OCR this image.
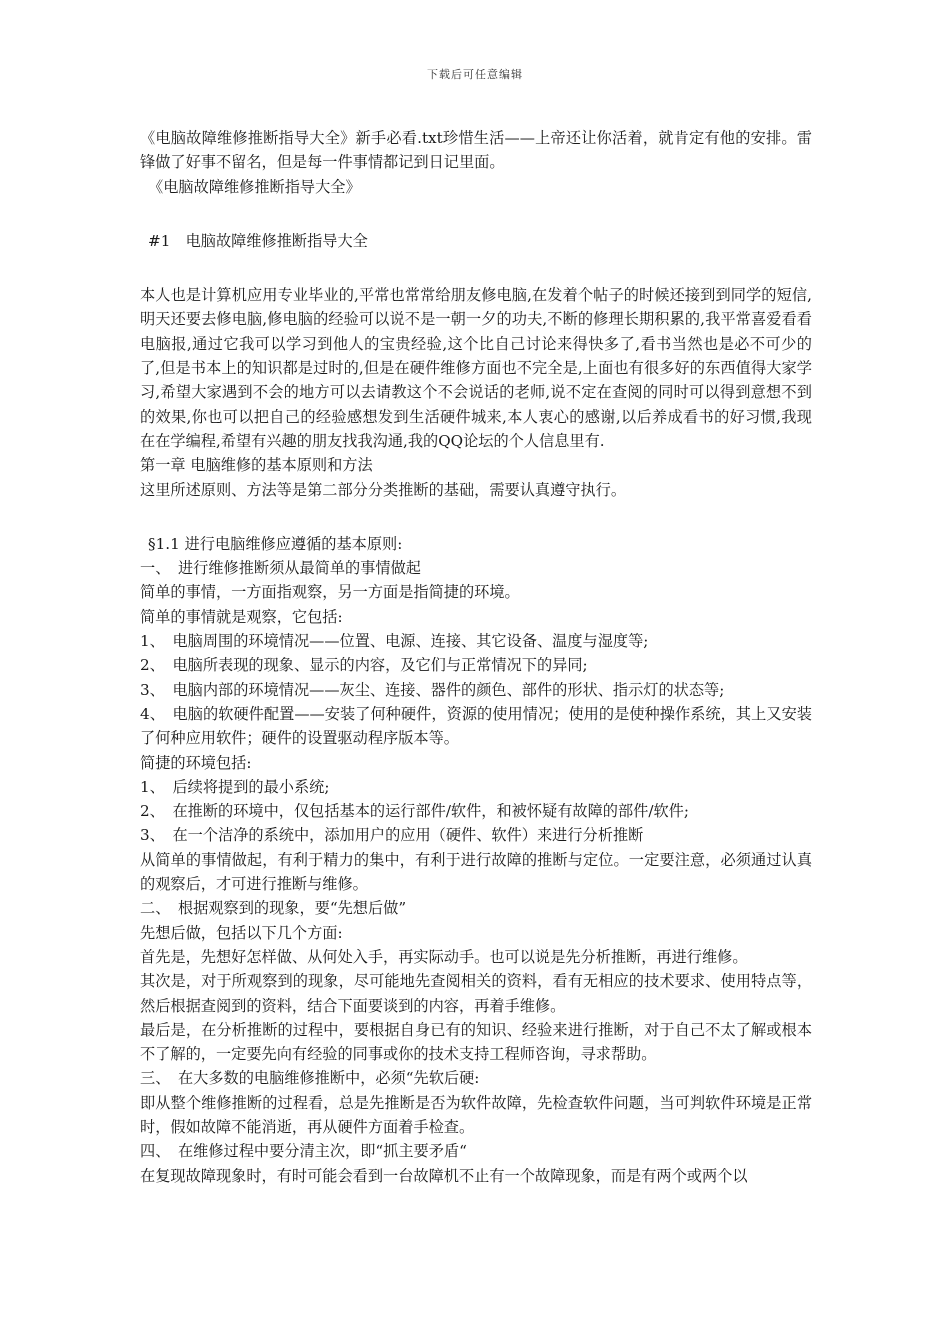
下载后可任意编辑

《电脑故障维修推断指导大全》新手必看.txt珍惜生活——上帝还让你活着，就肯定有他的安排。雷锋做了好事不留名，但是每一件事情都记到日记里面。

《电脑故障维修推断指导大全》

#1　电脑故障维修推断指导大全

本人也是计算机应用专业毕业的,平常也常常给朋友修电脑,在发着个帖子的时候还接到到同学的短信,明天还要去修电脑,修电脑的经验可以说不是一朝一夕的功夫,不断的修理长期积累的,我平常喜爱看看电脑报,通过它我可以学习到他人的宝贵经验,这个比自己讨论来得快多了,看书当然也是必不可少的了,但是书本上的知识都是过时的,但是在硬件维修方面也不完全是,上面也有很多好的东西值得大家学习,希望大家遇到不会的地方可以去请教这个不会说话的老师,说不定在查阅的同时可以得到意想不到的效果,你也可以把自己的经验感想发到生活硬件城来,本人衷心的感谢,以后养成看书的好习惯,我现在在学编程,希望有兴趣的朋友找我沟通,我的QQ论坛的个人信息里有.

第一章 电脑维修的基本原则和方法

这里所述原则、方法等是第二部分分类推断的基础，需要认真遵守执行。

§1.1 进行电脑维修应遵循的基本原则:

一、　进行维修推断须从最简单的事情做起

简单的事情，一方面指观察，另一方面是指简捷的环境。

简单的事情就是观察，它包括:

1、　电脑周围的环境情况——位置、电源、连接、其它设备、温度与湿度等;

2、　电脑所表现的现象、显示的内容，及它们与正常情况下的异同;

3、　电脑内部的环境情况——灰尘、连接、器件的颜色、部件的形状、指示灯的状态等;

4、　电脑的软硬件配置——安装了何种硬件，资源的使用情况；使用的是使种操作系统，其上又安装了何种应用软件；硬件的设置驱动程序版本等。

简捷的环境包括:

1、　后续将提到的最小系统;

2、　在推断的环境中，仅包括基本的运行部件/软件，和被怀疑有故障的部件/软件;

3、　在一个洁净的系统中，添加用户的应用（硬件、软件）来进行分析推断

从简单的事情做起，有利于精力的集中，有利于进行故障的推断与定位。一定要注意，必须通过认真的观察后，才可进行推断与维修。

二、　根据观察到的现象，要“先想后做”

先想后做，包括以下几个方面:

首先是，先想好怎样做、从何处入手，再实际动手。也可以说是先分析推断，再进行维修。

其次是，对于所观察到的现象，尽可能地先查阅相关的资料，看有无相应的技术要求、使用特点等，然后根据查阅到的资料，结合下面要谈到的内容，再着手维修。

最后是，在分析推断的过程中，要根据自身已有的知识、经验来进行推断，对于自己不太了解或根本不了解的，一定要先向有经验的同事或你的技术支持工程师咨询，寻求帮助。

三、　在大多数的电脑维修推断中，必须“先软后硬:

即从整个维修推断的过程看，总是先推断是否为软件故障，先检查软件问题，当可判软件环境是正常时，假如故障不能消逝，再从硬件方面着手检查。

四、　在维修过程中要分清主次，即“抓主要矛盾“

在复现故障现象时，有时可能会看到一台故障机不止有一个故障现象，而是有两个或两个以
